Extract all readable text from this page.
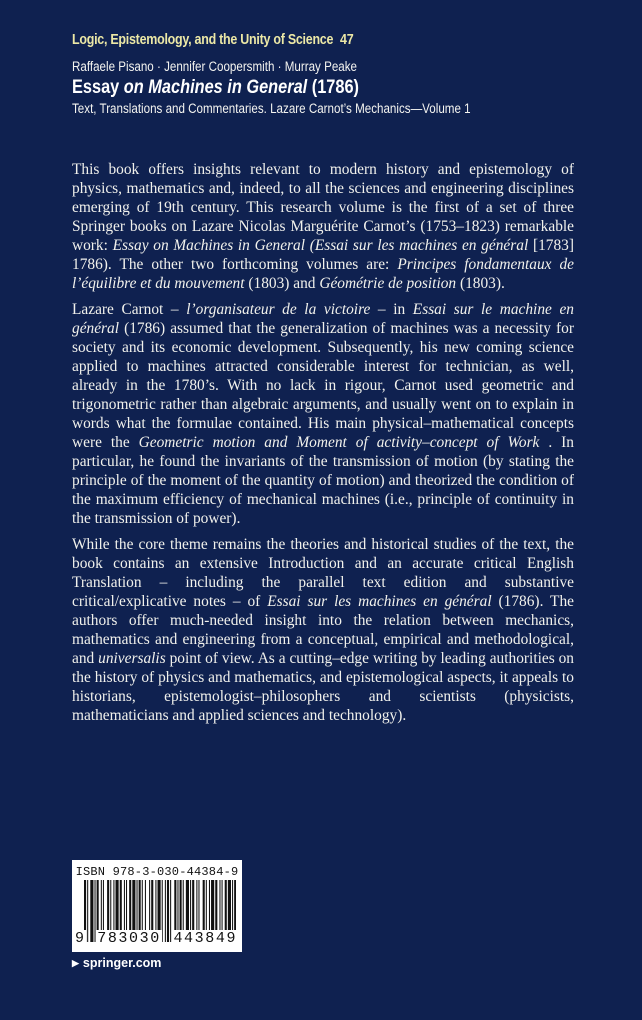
Logic, Epistemology, and the Unity of Science 47
Raffaele Pisano · Jennifer Coopersmith · Murray Peake
Essay on Machines in General (1786)
Text, Translations and Commentaries. Lazare Carnot’s Mechanics—Volume 1

This book offers insights relevant to modern history and epistemology of physics, mathematics and, indeed, to all the sciences and engineering disciplines emerging of 19th century. This research volume is the first of a set of three Springer books on Lazare Nicolas Marguérite Carnot’s (1753–1823) remarkable work: Essay on Machines in General (Essai sur les machines en général [1783] 1786). The other two forthcoming volumes are: Principes fondamentaux de l’équilibre et du mouvement (1803) and Géométrie de position (1803).

Lazare Carnot – l’organisateur de la victoire – in Essai sur le machine en général (1786) assumed that the generalization of machines was a necessity for society and its economic development. Subsequently, his new coming science applied to machines attracted considerable interest for technician, as well, already in the 1780’s. With no lack in rigour, Carnot used geometric and trigonometric rather than algebraic arguments, and usually went on to explain in words what the formulae contained. His main physical–mathematical concepts were the Geometric motion and Moment of activity–concept of Work . In particular, he found the invariants of the transmission of motion (by stating the principle of the moment of the quantity of motion) and theorized the condition of the maximum efficiency of mechanical machines (i.e., principle of continuity in the transmission of power).

While the core theme remains the theories and historical studies of the text, the book contains an extensive Introduction and an accurate critical English Translation – including the parallel text edition and substantive critical/explicative notes – of Essai sur les machines en général (1786). The authors offer much-needed insight into the relation between mechanics, mathematics and engineering from a conceptual, empirical and methodological, and universalis point of view. As a cutting–edge writing by leading authorities on the history of physics and mathematics, and epistemological aspects, it appeals to historians, epistemologist–philosophers and scientists (physicists, mathematicians and applied sciences and technology).

ISBN 978-3-030-44384-9
9 783030 443849
▶ springer.com
